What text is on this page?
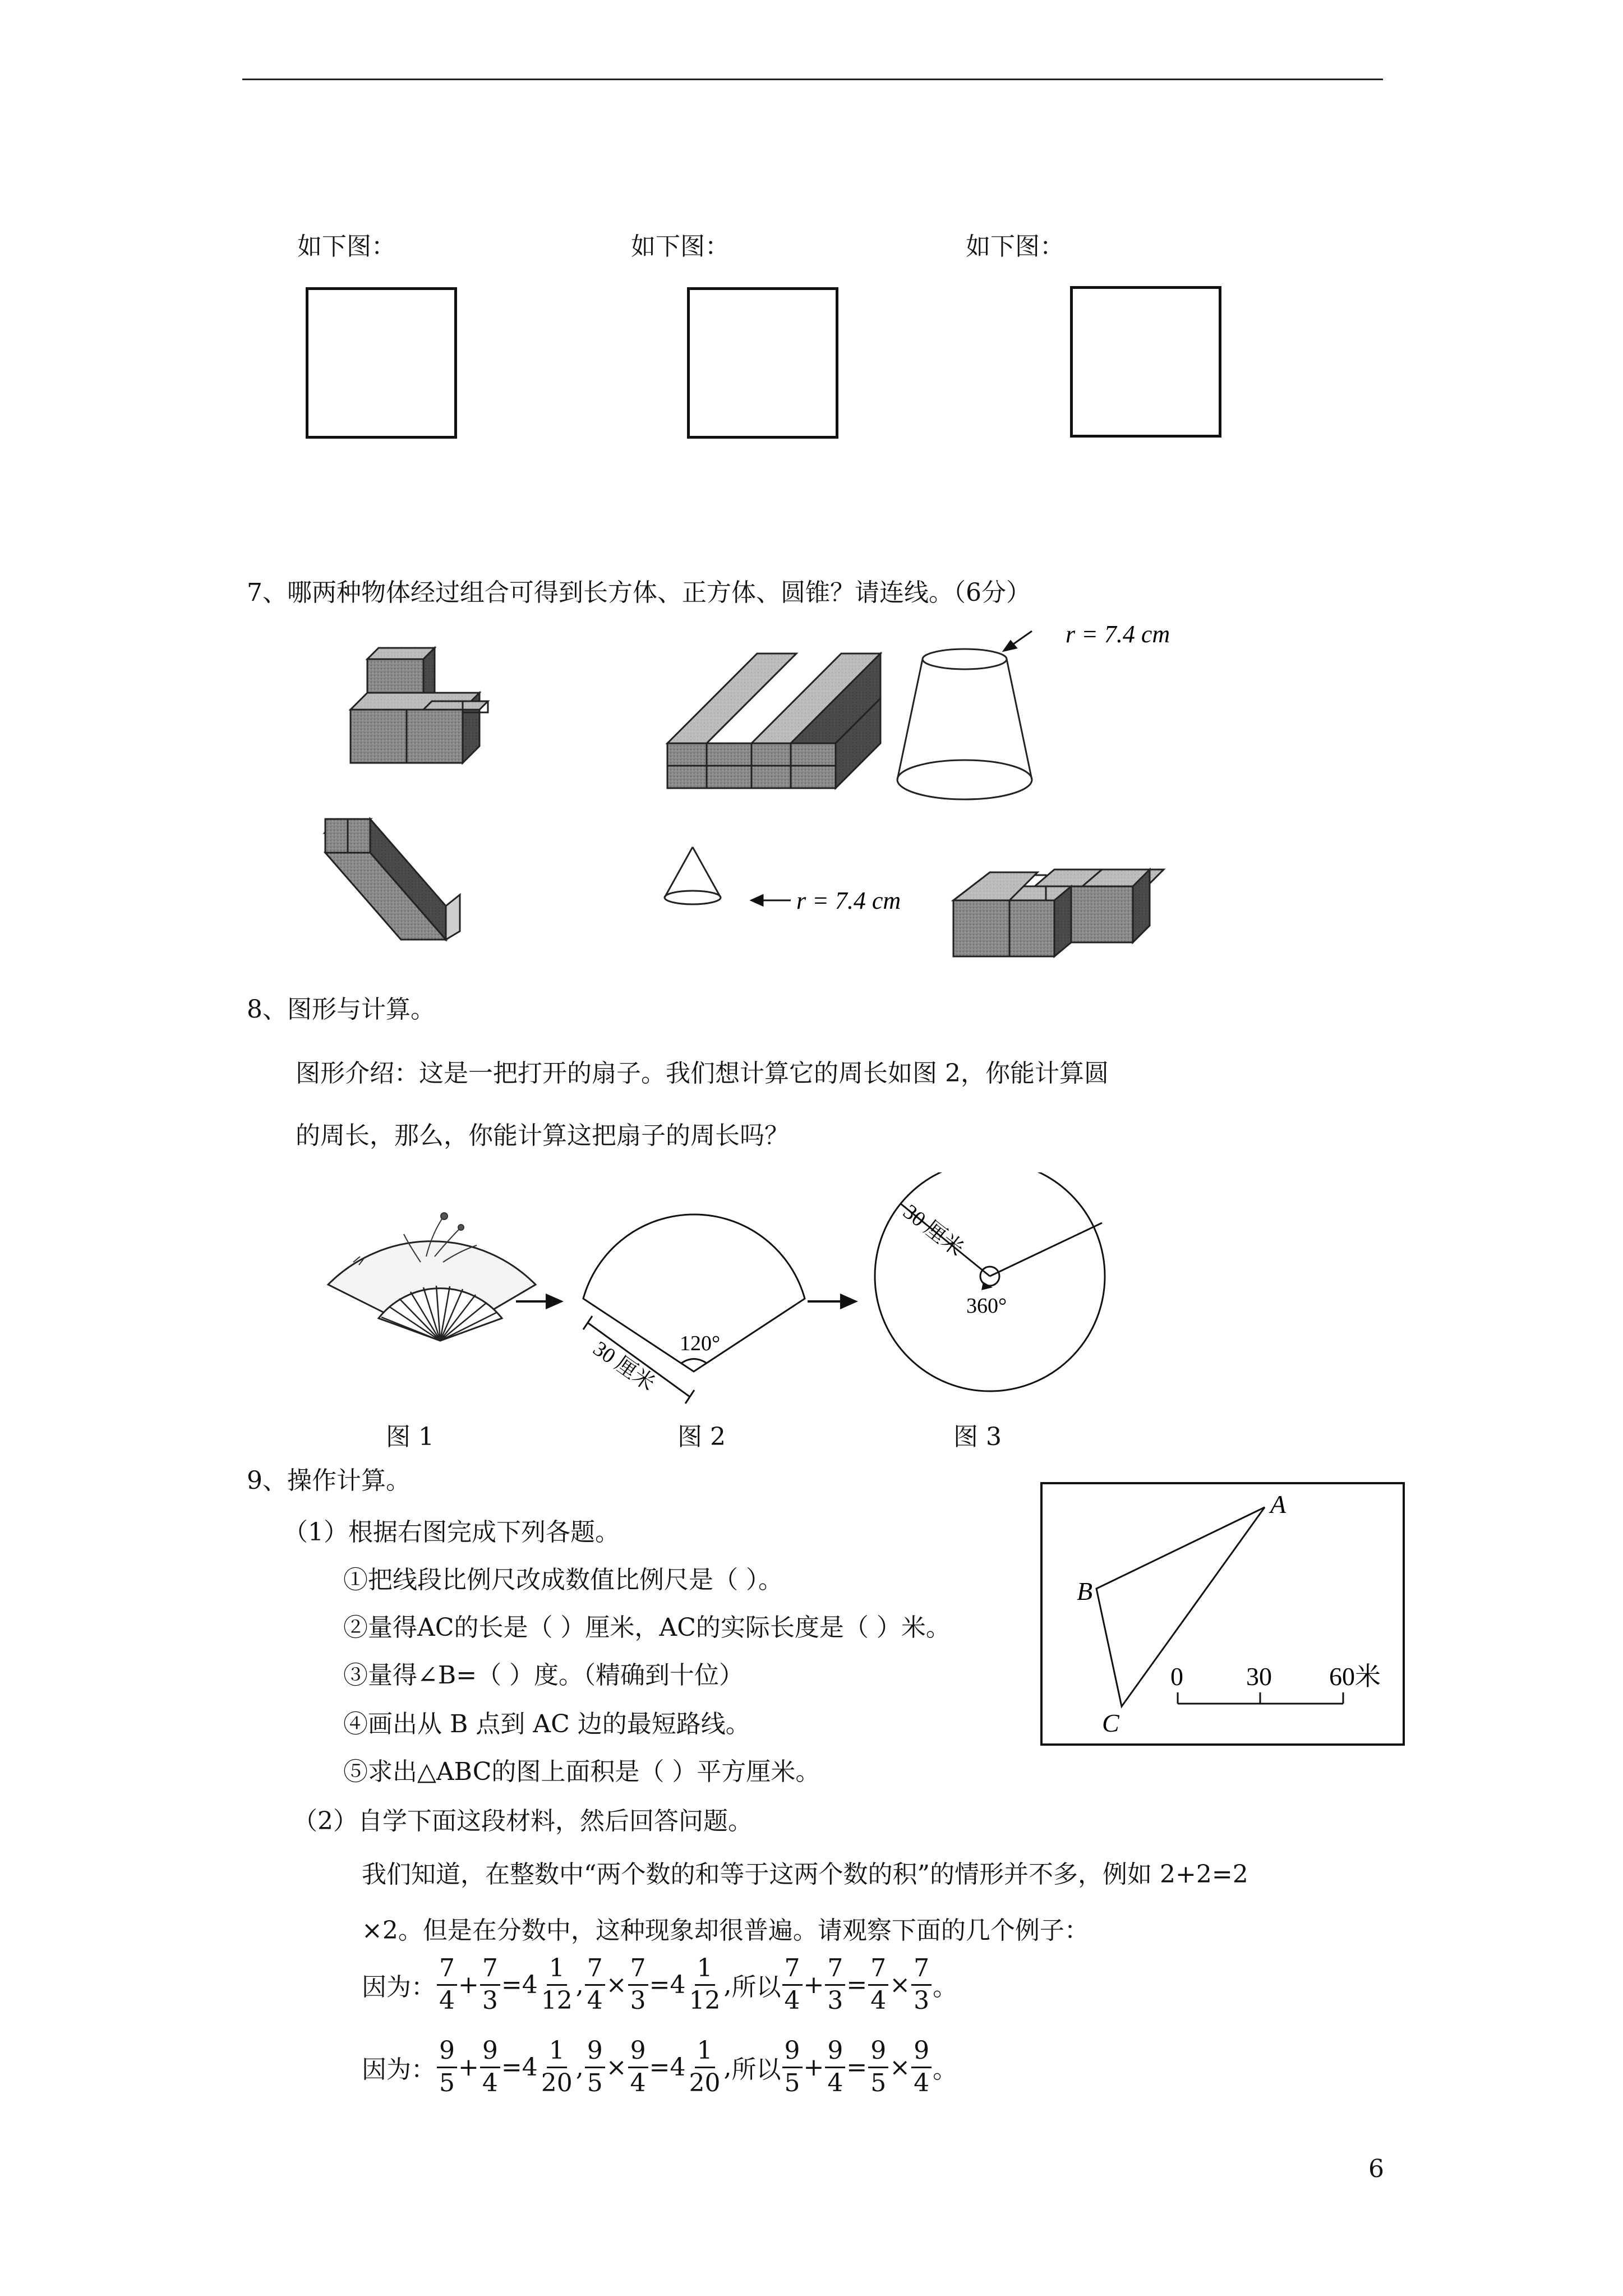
如下图：	如下图：	如下图：
7、哪两种物体经过组合可得到长方体、正方体、圆锥？请连线。（6分）
r = 7.4 cm
r = 7.4 cm
8、图形与计算。
图形介绍：这是一把打开的扇子。我们想计算它的周长如图 2，你能计算圆
的周长，那么，你能计算这把扇子的周长吗？
120°
30 厘米
30 厘米
360°
图 1	图 2	图 3
9、操作计算。
（1）根据右图完成下列各题。
①把线段比例尺改成数值比例尺是（ ）。
②量得AC的长是（ ）厘米，AC的实际长度是（ ）米。
③量得∠B=（ ）度。（精确到十位）
④画出从 B 点到 AC 边的最短路线。
⑤求出△ABC的图上面积是（ ）平方厘米。
A
B
C
0 30 60米
（2）自学下面这段材料，然后回答问题。
我们知道，在整数中“两个数的和等于这两个数的积”的情形并不多，例如 2+2=2
×2。但是在分数中，这种现象却很普遍。请观察下面的几个例子：
因为： $\frac{7}{4} + \frac{7}{3} = 4 \frac{1}{12}$ , $\frac{7}{4} \times \frac{7}{3} = 4 \frac{1}{12}$ , 所以 $\frac{7}{4} + \frac{7}{3} = \frac{7}{4} \times \frac{7}{3}$ 。
因为： $\frac{9}{5} + \frac{9}{4} = 4 \frac{1}{20}$ , $\frac{9}{5} \times \frac{9}{4} = 4 \frac{1}{20}$ , 所以 $\frac{9}{5} + \frac{9}{4} = \frac{9}{5} \times \frac{9}{4}$ 。
6
